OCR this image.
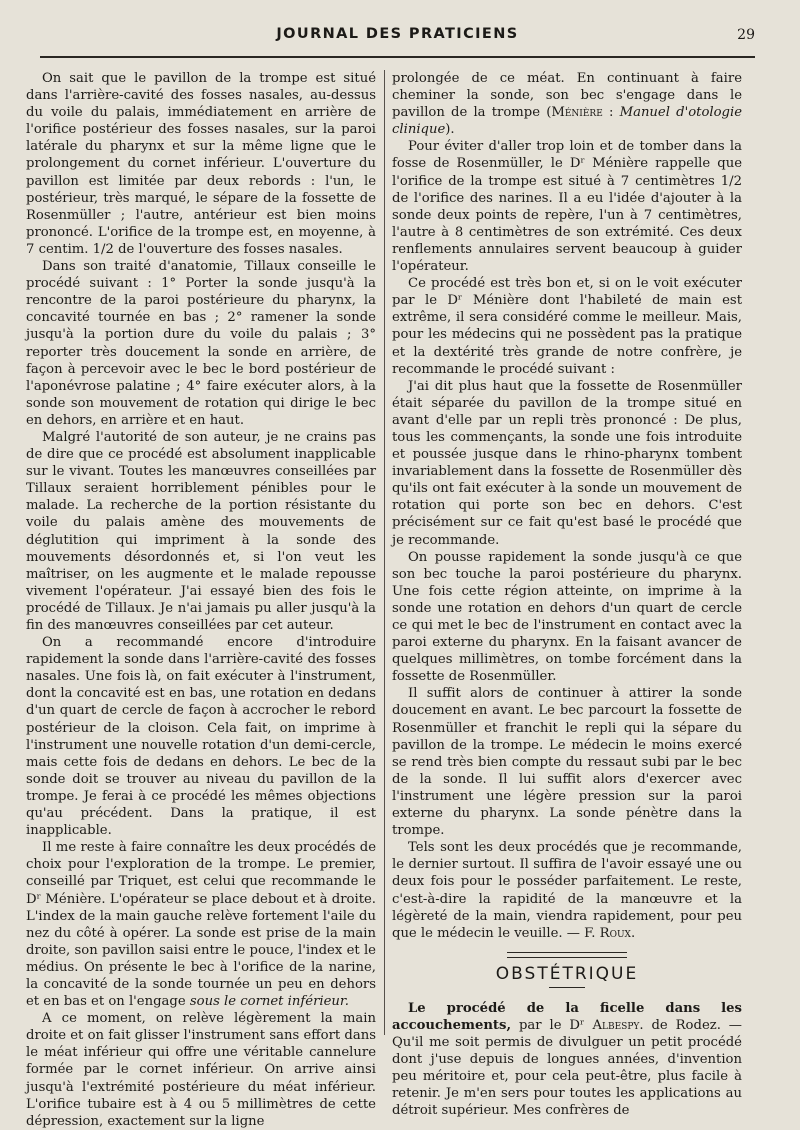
JOURNAL DES PRATICIENS	29

On sait que le pavillon de la trompe est situé dans l'arrière-cavité des fosses nasales, au-dessus du voile du palais, immédiatement en arrière de l'orifice postérieur des fosses nasales, sur la paroi latérale du pharynx et sur la même ligne que le prolongement du cornet inférieur. L'ouverture du pavillon est limitée par deux rebords : l'un, le postérieur, très marqué, le sépare de la fossette de Rosenmüller ; l'autre, antérieur est bien moins prononcé. L'orifice de la trompe est, en moyenne, à 7 centim. 1/2 de l'ouverture des fosses nasales.

Dans son traité d'anatomie, Tillaux conseille le procédé suivant : 1° Porter la sonde jusqu'à la rencontre de la paroi postérieure du pharynx, la concavité tournée en bas ; 2° ramener la sonde jusqu'à la portion dure du voile du palais ; 3° reporter très doucement la sonde en arrière, de façon à percevoir avec le bec le bord postérieur de l'aponévrose palatine ; 4° faire exécuter alors, à la sonde son mouvement de rotation qui dirige le bec en dehors, en arrière et en haut.

Malgré l'autorité de son auteur, je ne crains pas de dire que ce procédé est absolument inapplicable sur le vivant. Toutes les manœuvres conseillées par Tillaux seraient horriblement pénibles pour le malade. La recherche de la portion résistante du voile du palais amène des mouvements de déglutition qui impriment à la sonde des mouvements désordonnés et, si l'on veut les maîtriser, on les augmente et le malade repousse vivement l'opérateur. J'ai essayé bien des fois le procédé de Tillaux. Je n'ai jamais pu aller jusqu'à la fin des manœuvres conseillées par cet auteur.

On a recommandé encore d'introduire rapidement la sonde dans l'arrière-cavité des fosses nasales. Une fois là, on fait exécuter à l'instrument, dont la concavité est en bas, une rotation en dedans d'un quart de cercle de façon à accrocher le rebord postérieur de la cloison. Cela fait, on imprime à l'instrument une nouvelle rotation d'un demi-cercle, mais cette fois de dedans en dehors. Le bec de la sonde doit se trouver au niveau du pavillon de la trompe. Je ferai à ce procédé les mêmes objections qu'au précédent. Dans la pratique, il est inapplicable.

Il me reste à faire connaître les deux procédés de choix pour l'exploration de la trompe. Le premier, conseillé par Triquet, est celui que recommande le Dʳ Ménière. L'opérateur se place debout et à droite. L'index de la main gauche relève fortement l'aile du nez du côté à opérer. La sonde est prise de la main droite, son pavillon saisi entre le pouce, l'index et le médius. On présente le bec à l'orifice de la narine, la concavité de la sonde tournée un peu en dehors et en bas et on l'engage sous le cornet inférieur.

A ce moment, on relève légèrement la main droite et on fait glisser l'instrument sans effort dans le méat inférieur qui offre une véritable cannelure formée par le cornet inférieur. On arrive ainsi jusqu'à l'extrémité postérieure du méat inférieur. L'orifice tubaire est à 4 ou 5 millimètres de cette dépression, exactement sur la ligne

prolongée de ce méat. En continuant à faire cheminer la sonde, son bec s'engage dans le pavillon de la trompe (Ménière : Manuel d'otologie clinique).

Pour éviter d'aller trop loin et de tomber dans la fosse de Rosenmüller, le Dʳ Ménière rappelle que l'orifice de la trompe est situé à 7 centimètres 1/2 de l'orifice des narines. Il a eu l'idée d'ajouter à la sonde deux points de repère, l'un à 7 centimètres, l'autre à 8 centimètres de son extrémité. Ces deux renflements annulaires servent beaucoup à guider l'opérateur.

Ce procédé est très bon et, si on le voit exécuter par le Dʳ Ménière dont l'habileté de main est extrême, il sera considéré comme le meilleur. Mais, pour les médecins qui ne possèdent pas la pratique et la dextérité très grande de notre confrère, je recommande le procédé suivant :

J'ai dit plus haut que la fossette de Rosenmüller était séparée du pavillon de la trompe situé en avant d'elle par un repli très prononcé : De plus, tous les commençants, la sonde une fois introduite et poussée jusque dans le rhino-pharynx tombent invariablement dans la fossette de Rosenmüller dès qu'ils ont fait exécuter à la sonde un mouvement de rotation qui porte son bec en dehors. C'est précisément sur ce fait qu'est basé le procédé que je recommande.

On pousse rapidement la sonde jusqu'à ce que son bec touche la paroi postérieure du pharynx. Une fois cette région atteinte, on imprime à la sonde une rotation en dehors d'un quart de cercle ce qui met le bec de l'instrument en contact avec la paroi externe du pharynx. En la faisant avancer de quelques millimètres, on tombe forcément dans la fossette de Rosenmüller.

Il suffit alors de continuer à attirer la sonde doucement en avant. Le bec parcourt la fossette de Rosenmüller et franchit le repli qui la sépare du pavillon de la trompe. Le médecin le moins exercé se rend très bien compte du ressaut subi par le bec de la sonde. Il lui suffit alors d'exercer avec l'instrument une légère pression sur la paroi externe du pharynx. La sonde pénètre dans la trompe.

Tels sont les deux procédés que je recommande, le dernier surtout. Il suffira de l'avoir essayé une ou deux fois pour le posséder parfaitement. Le reste, c'est-à-dire la rapidité de la manœuvre et la légèreté de la main, viendra rapidement, pour peu que le médecin le veuille. — F. Roux.

OBSTÉTRIQUE

Le procédé de la ficelle dans les accouchements, par le Dʳ Albespy. de Rodez. — Qu'il me soit permis de divulguer un petit procédé dont j'use depuis de longues années, d'invention peu méritoire et, pour cela peut-être, plus facile à retenir. Je m'en sers pour toutes les applications au détroit supérieur. Mes confrères de
